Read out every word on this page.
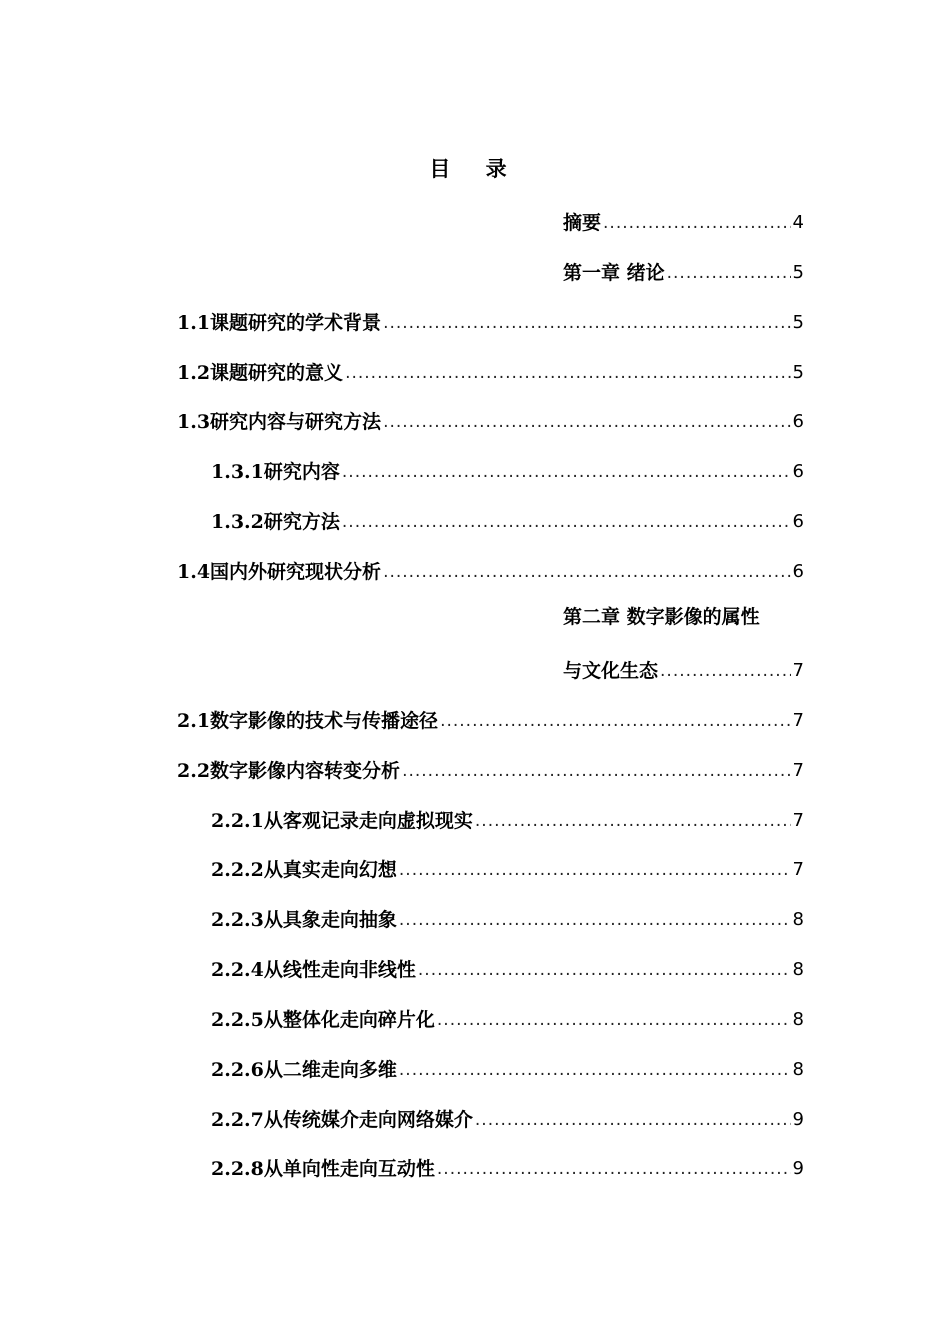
目 录
摘要 .....	4
第一章 绪论 .....	5
1.1课题研究的学术背景 .....	5
1.2课题研究的意义 .....	5
1.3研究内容与研究方法 .....	6
1.3.1研究内容 .....	6
1.3.2研究方法 .....	6
1.4国内外研究现状分析 .....	6
第二章 数字影像的属性
与文化生态 .....	7
2.1数字影像的技术与传播途径 .....	7
2.2数字影像内容转变分析 .....	7
2.2.1从客观记录走向虚拟现实 .....	7
2.2.2从真实走向幻想 .....	7
2.2.3从具象走向抽象 .....	8
2.2.4从线性走向非线性 .....	8
2.2.5从整体化走向碎片化 .....	8
2.2.6从二维走向多维 .....	8
2.2.7从传统媒介走向网络媒介 .....	9
2.2.8从单向性走向互动性 .....	9
